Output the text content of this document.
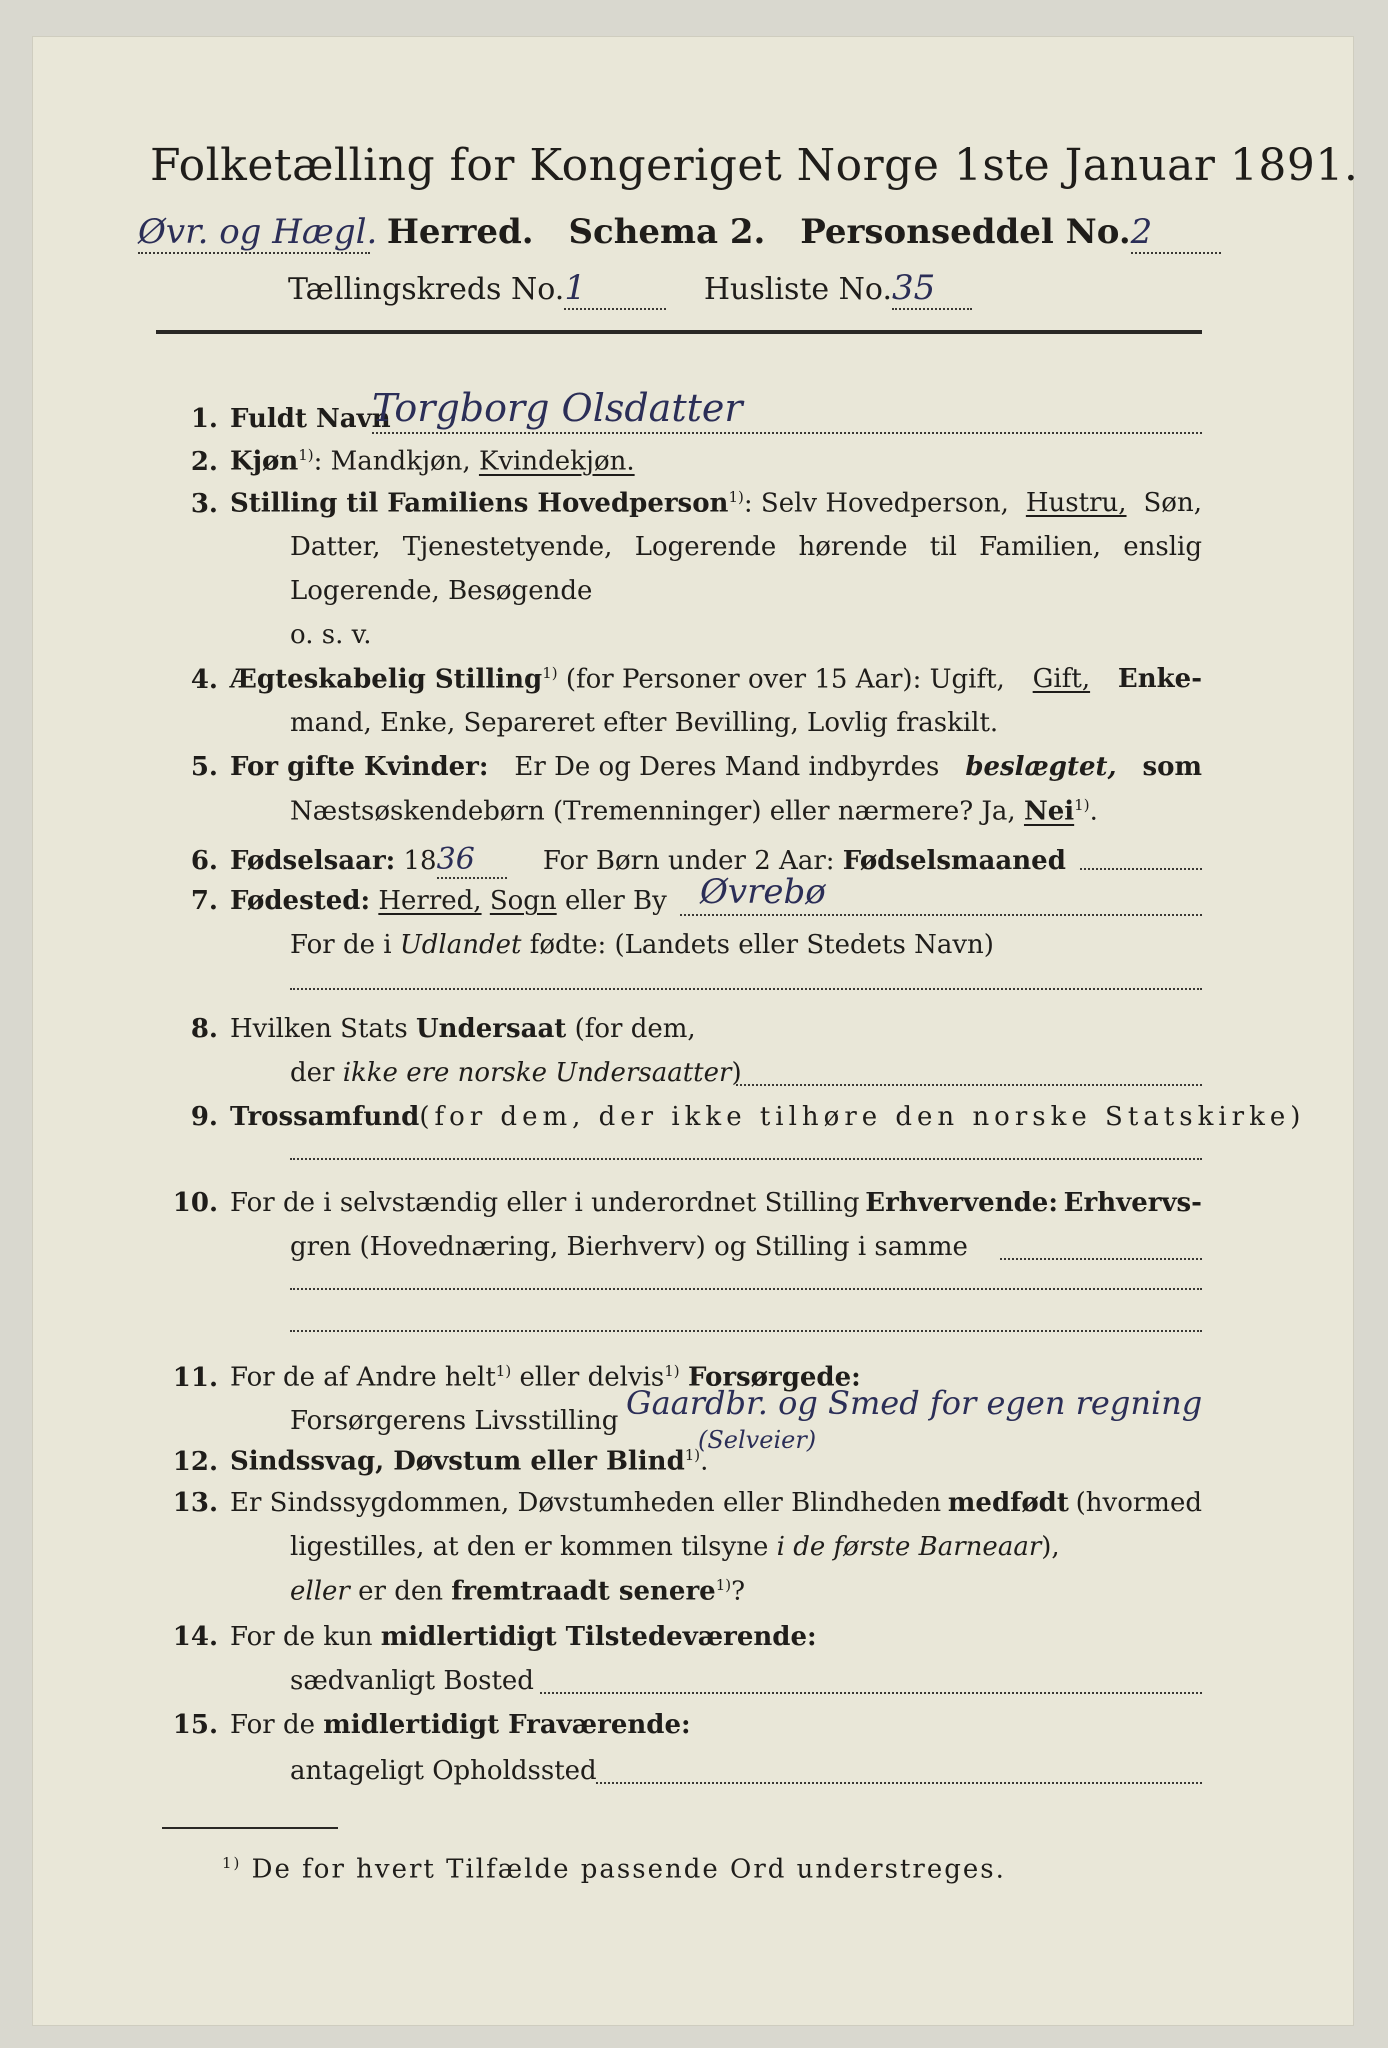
Folketælling for Kongeriget Norge 1ste Januar 1891.
Øvr. og Hægl. Herred. Schema 2. Personseddel No.2
Tællingskreds No.1	Husliste No.35
1. Fuldt Navn
Torgborg Olsdatter
2. Kjøn$^{1)}$: Mandkjøn, Kvindekjøn.
3. Stilling til Familiens Hovedperson$^{1)}$: Selv Hovedperson, Hustru, Søn,
Datter, Tjenestetyende, Logerende hørende til Familien, enslig
Logerende, Besøgende
o. s. v.
4. Ægteskabelig Stilling$^{1)}$ (for Personer over 15 Aar): Ugift, Gift, Enke-
mand, Enke, Separeret efter Bevilling, Lovlig fraskilt.
5. For gifte Kvinder: Er De og Deres Mand indbyrdes beslægtet, som
Næstsøskendebørn (Tremenninger) eller nærmere? Ja, Nei$^{1)}$.
6. Fødselsaar: 1836	For Børn under 2 Aar: Fødselsmaaned
7. Fødested: Herred, Sogn eller By Øvrebø
For de i Udlandet fødte: (Landets eller Stedets Navn)
8. Hvilken Stats Undersaat (for dem,
der ikke ere norske Undersaatter)
9. Trossamfund (for dem, der ikke tilhøre den norske Statskirke)
10. For de i selvstændig eller i underordnet Stilling Erhvervende: Erhvervs-
gren (Hovednæring, Bierhverv) og Stilling i samme
11. For de af Andre helt$^{1)}$ eller delvis$^{1)}$ Forsørgede:
Forsørgerens Livsstilling Gaardbr. og Smed for egen regning
(Selveier)
12. Sindssvag, Døvstum eller Blind$^{1)}$.
13. Er Sindssygdommen, Døvstumheden eller Blindheden medfødt (hvormed
ligestilles, at den er kommen tilsyne i de første Barneaar),
eller er den fremtraadt senere$^{1)}$?
14. For de kun midlertidigt Tilstedeværende:
sædvanligt Bosted
15. For de midlertidigt Fraværende:
antageligt Opholdssted
$^{1)}$ De for hvert Tilfælde passende Ord understreges.
